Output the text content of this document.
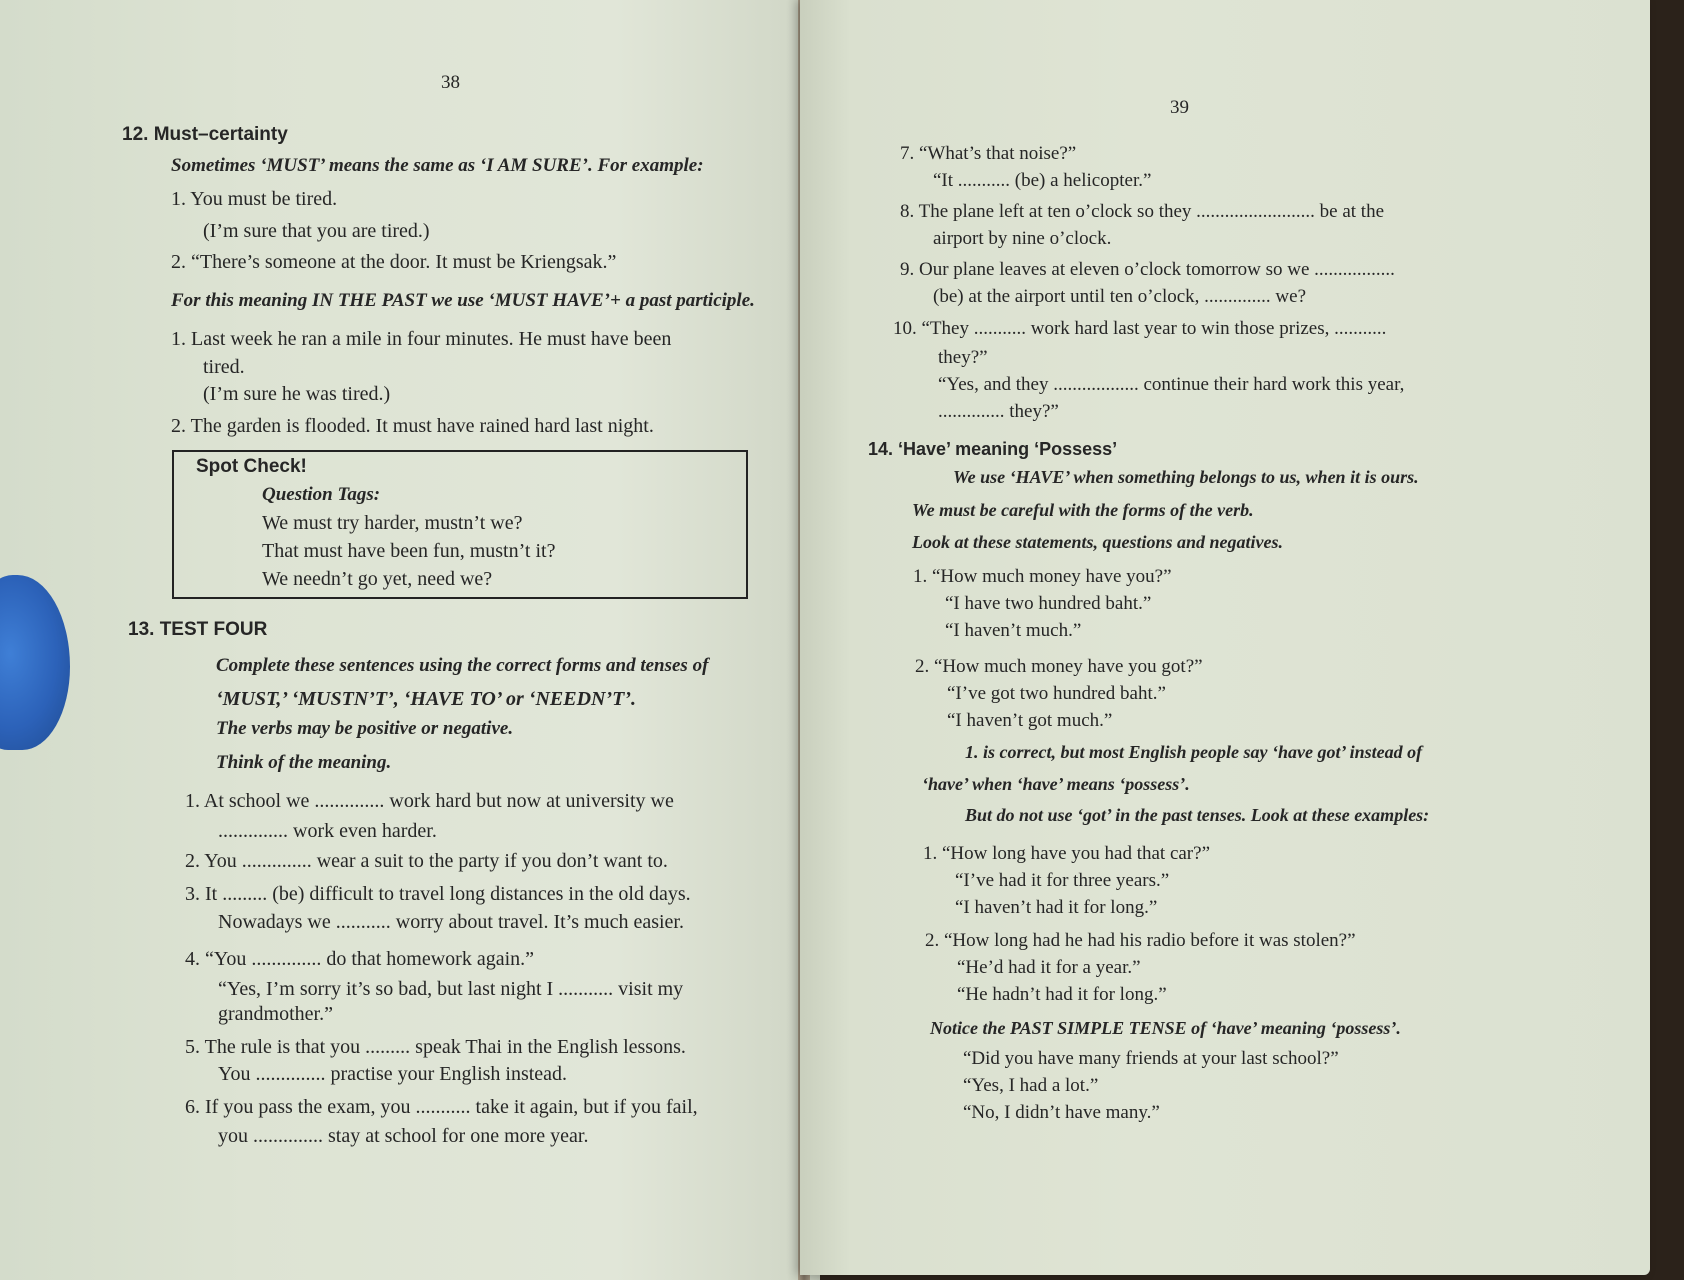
38
12. Must–certainty
Sometimes ‘MUST’ means the same as ‘I AM SURE’. For example:
1. You must be tired.
(I’m sure that you are tired.)
2. “There’s someone at the door. It must be Kriengsak.”
For this meaning IN THE PAST we use ‘MUST HAVE’+ a past participle.
1. Last week he ran a mile in four minutes. He must have been
tired.
(I’m sure he was tired.)
2. The garden is flooded. It must have rained hard last night.
Spot Check!
Question Tags:
We must try harder, mustn’t we?
That must have been fun, mustn’t it?
We needn’t go yet, need we?
13. TEST FOUR
Complete these sentences using the correct forms and tenses of
‘MUST,’ ‘MUSTN’T’, ‘HAVE TO’ or ‘NEEDN’T’.
The verbs may be positive or negative.
Think of the meaning.
1. At school we .............. work hard but now at university we
.............. work even harder.
2. You .............. wear a suit to the party if you don’t want to.
3. It ......... (be) difficult to travel long distances in the old days.
Nowadays we ........... worry about travel. It’s much easier.
4. “You .............. do that homework again.”
“Yes, I’m sorry it’s so bad, but last night I ........... visit my
grandmother.”
5. The rule is that you ......... speak Thai in the English lessons.
You .............. practise your English instead.
6. If you pass the exam, you ........... take it again, but if you fail,
you .............. stay at school for one more year.
39
7. “What’s that noise?”
“It ........... (be) a helicopter.”
8. The plane left at ten o’clock so they ......................... be at the
airport by nine o’clock.
9. Our plane leaves at eleven o’clock tomorrow so we .................
(be) at the airport until ten o’clock, .............. we?
10. “They ........... work hard last year to win those prizes, ...........
they?”
“Yes, and they .................. continue their hard work this year,
.............. they?”
14. ‘Have’ meaning ‘Possess’
We use ‘HAVE’ when something belongs to us, when it is ours.
We must be careful with the forms of the verb.
Look at these statements, questions and negatives.
1. “How much money have you?”
“I have two hundred baht.”
“I haven’t much.”
2. “How much money have you got?”
“I’ve got two hundred baht.”
“I haven’t got much.”
1. is correct, but most English people say ‘have got’ instead of
‘have’ when ‘have’ means ‘possess’.
But do not use ‘got’ in the past tenses. Look at these examples:
1. “How long have you had that car?”
“I’ve had it for three years.”
“I haven’t had it for long.”
2. “How long had he had his radio before it was stolen?”
“He’d had it for a year.”
“He hadn’t had it for long.”
Notice the PAST SIMPLE TENSE of ‘have’ meaning ‘possess’.
“Did you have many friends at your last school?”
“Yes, I had a lot.”
“No, I didn’t have many.”
